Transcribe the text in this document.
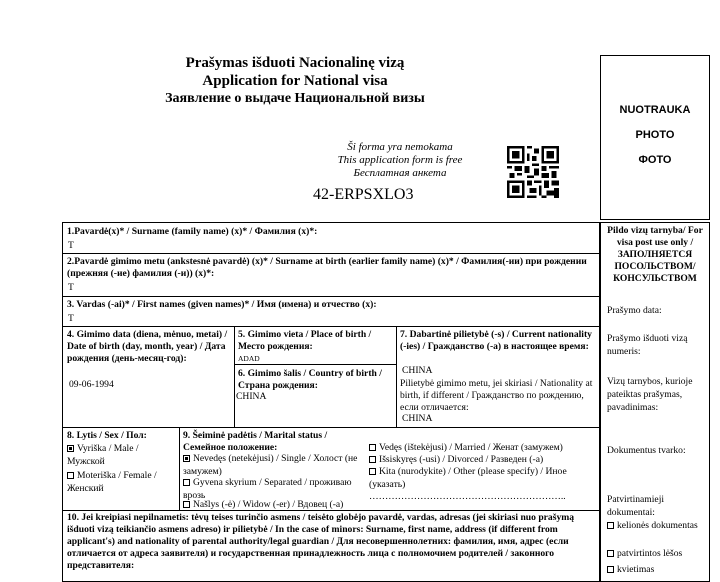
Prašymas išduoti Nacionalinę vizą
Application for National visa
Заявление о выдаче Национальной визы
Ši forma yra nemokama
This application form is free
Бесплатная анкета
42-ERPSXLO3
NUOTRAUKA
PHOTO
ФОТО
1.Pavardė(x)* / Surname (family name) (x)* / Фамилия (x)*:
T
2.Pavardė gimimo metu (ankstesnė pavardė) (x)* / Surname at birth (earlier family name) (x)* / Фамилия(-ии) при рождении (прежняя (-ие) фамилия (-и)) (x)*:
T
3. Vardas (-ai)* / First names (given names)* / Имя (имена) и отчество (x):
T
4. Gimimo data (diena, mėnuo, metai) / Date of birth (day, month, year) / Дата рождения (день-месяц-год):
09-06-1994
5. Gimimo vieta / Place of birth / Место рождения:
ADAD
6. Gimimo šalis / Country of birth / Страна рождения:
CHINA
7. Dabartinė pilietybė (-s) / Current nationality (-ies) / Гражданство (-а) в настоящее время:
CHINA
Pilietybė gimimo metu, jei skiriasi / Nationality at birth, if different / Гражданство по рождению, если отличается:
CHINA
8. Lytis / Sex / Пол:
Vyriška / Male / Мужской
Moteriška / Female / Женский
9. Šeiminė padėtis / Marital status / Семейное положение:
Nevedęs (netekėjusi) / Single / Холост (не замужем)
Gyvena skyrium / Separated / проживаю врозь
Našlys (-ė) / Widow (-er) / Вдовец (-а)
Vedęs (ištekėjusi) / Married / Женат (замужем)
Išsiskyręs (-usi) / Divorced / Разведен (-а)
Kita (nurodykite) / Other (please specify) / Иное (указать)
……………………………………………………..
10. Jei kreipiasi nepilnametis: tėvų teises turinčio asmens / teisėto globėjo pavardė, vardas, adresas (jei skiriasi nuo prašymą išduoti vizą teikiančio asmens adreso) ir pilietybė / In the case of minors: Surname, first name, address (if different from applicant's) and nationality of parental authority/legal guardian / Для несовершеннолетних: фамилия, имя, адрес (если отличается от адреса заявителя) и государственная принадлежность лица с полномочием родителей / законного представителя:
Pildo vizų tarnyba/ For visa post use only / ЗАПОЛНЯЕТСЯ ПОСОЛЬСТВОМ/ КОНСУЛЬСТВОМ
Prašymo data:
Prašymo išduoti vizą numeris:
Vizų tarnybos, kurioje pateiktas prašymas, pavadinimas:
Dokumentus tvarko:
Patvirtinamieji dokumentai:
kelionės dokumentas
patvirtintos lėšos
kvietimas
